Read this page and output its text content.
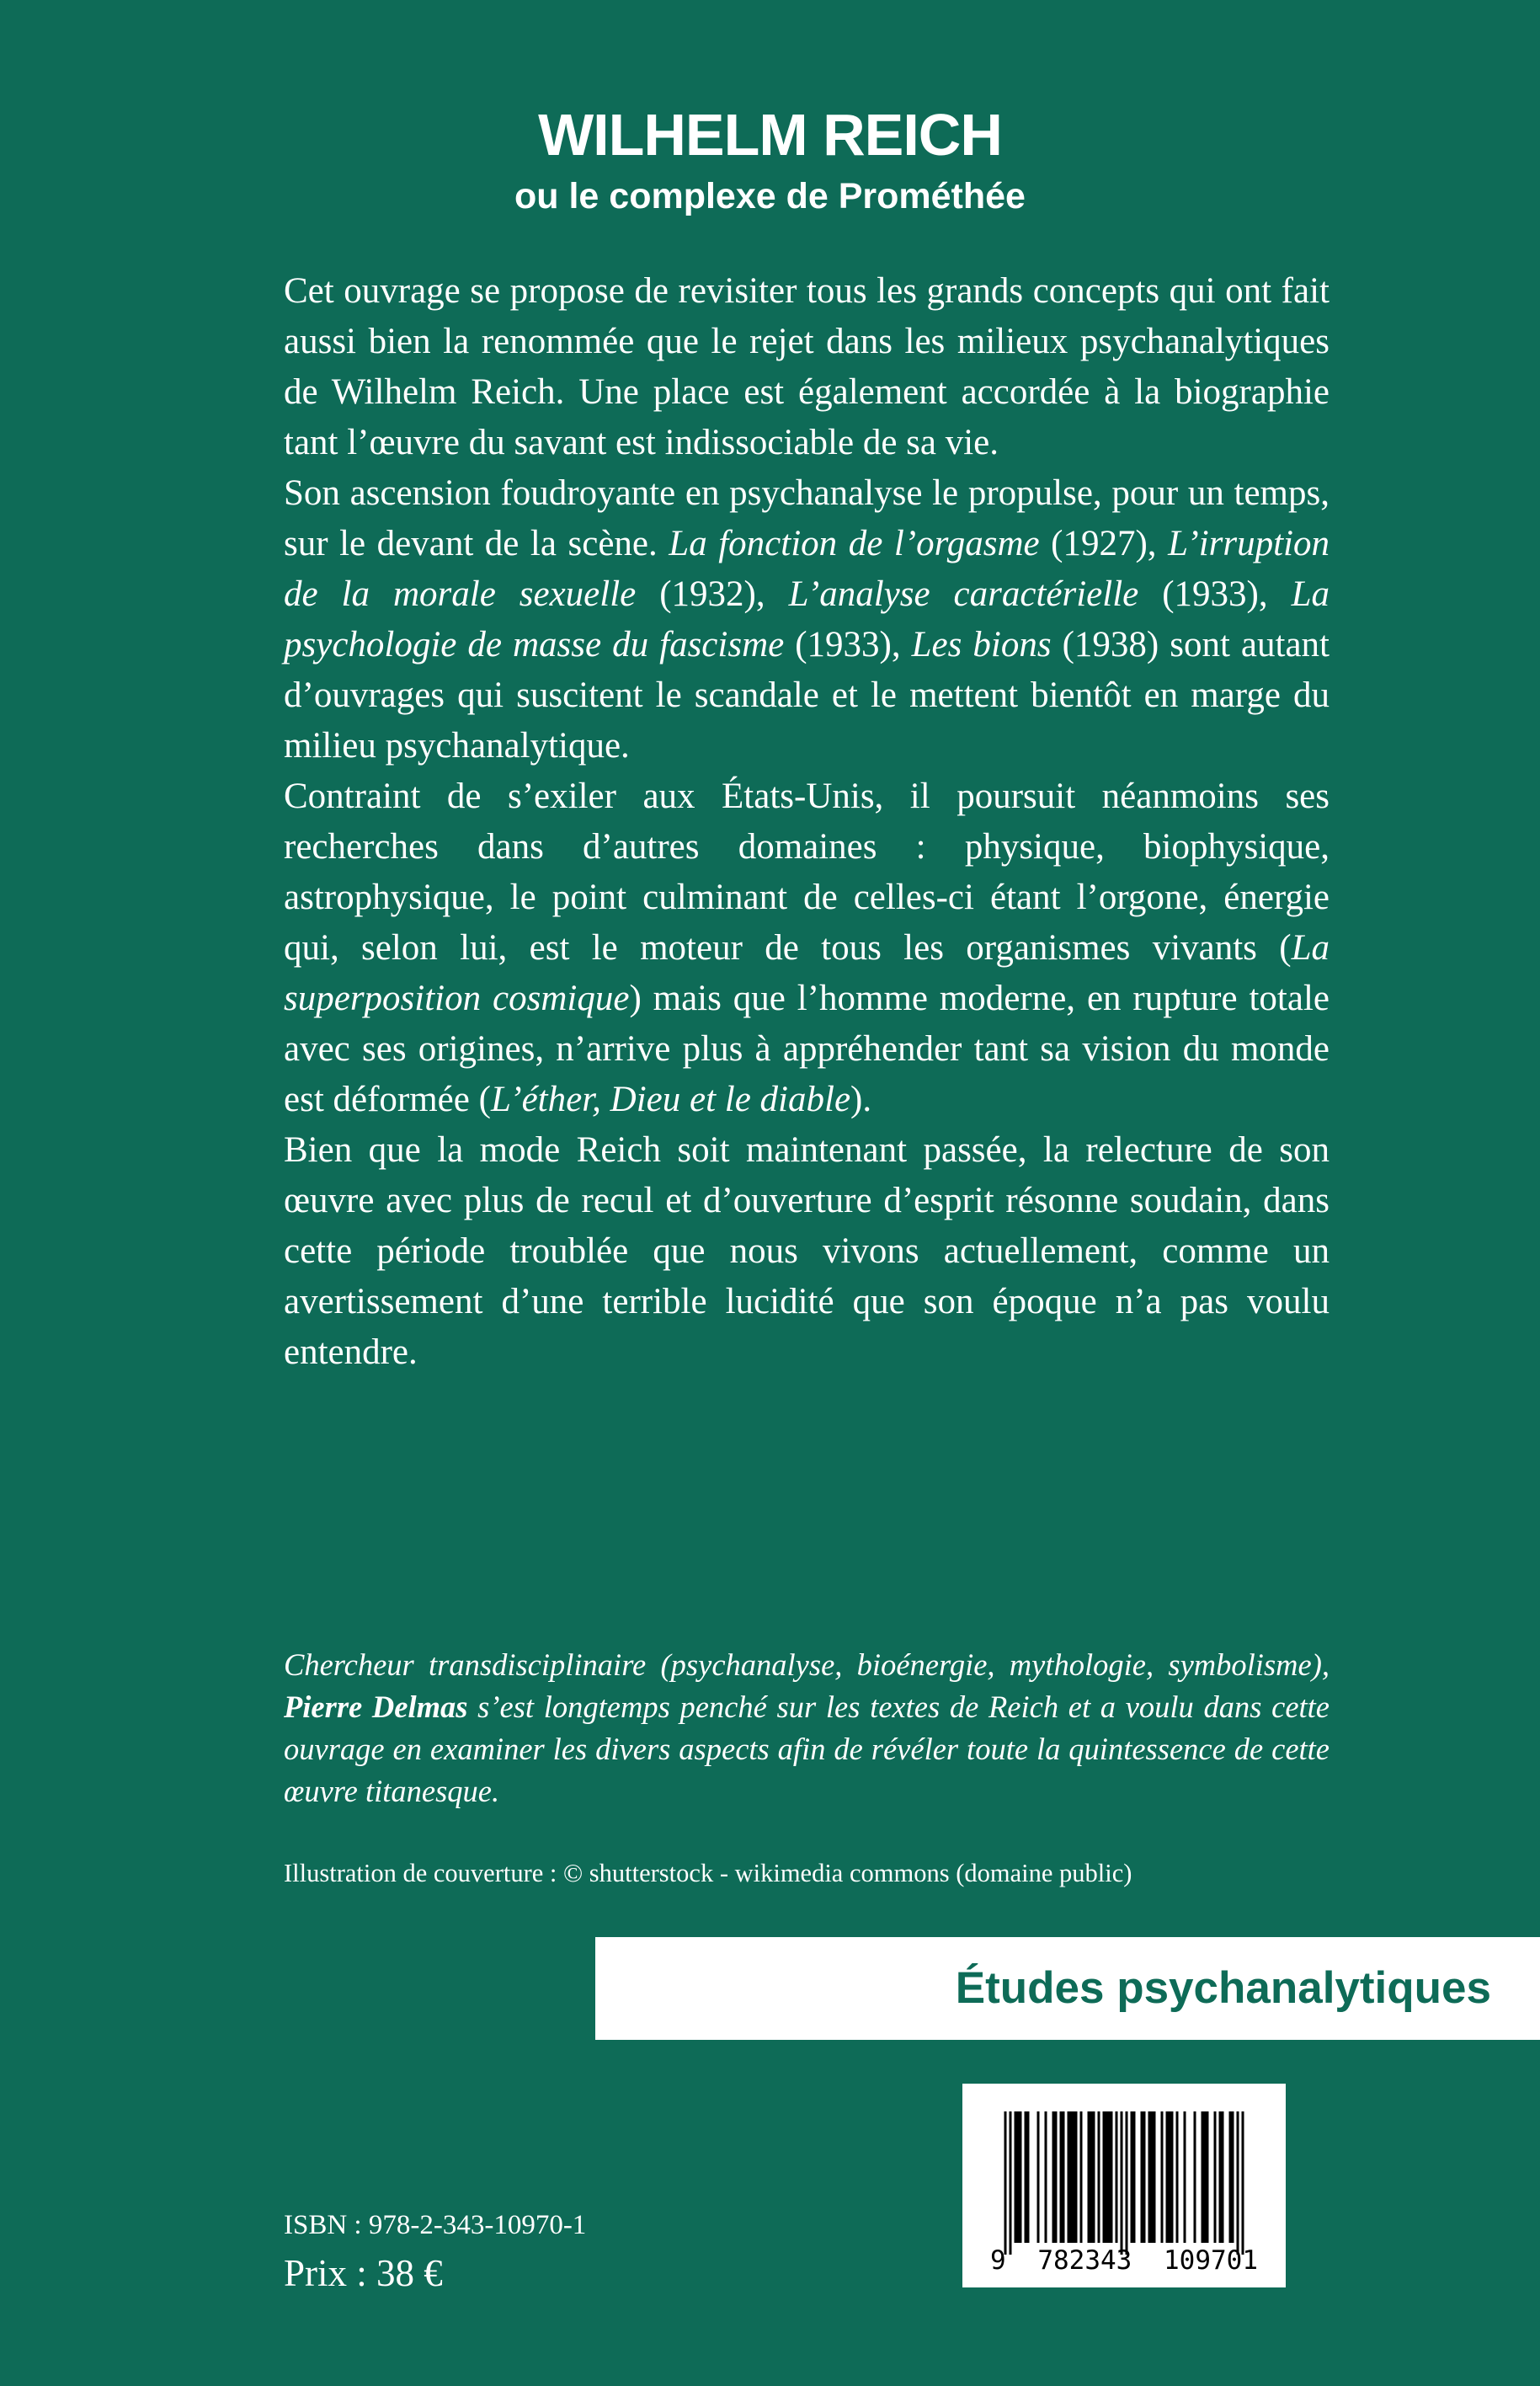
WILHELM REICH
ou le complexe de Prométhée

Cet ouvrage se propose de revisiter tous les grands concepts qui ont fait aussi bien la renommée que le rejet dans les milieux psychanalytiques de Wilhelm Reich. Une place est également accordée à la biographie tant l’œuvre du savant est indissociable de sa vie.

Son ascension foudroyante en psychanalyse le propulse, pour un temps, sur le devant de la scène. La fonction de l’orgasme (1927), L’irruption de la morale sexuelle (1932), L’analyse caractérielle (1933), La psychologie de masse du fascisme (1933), Les bions (1938) sont autant d’ouvrages qui suscitent le scandale et le mettent bientôt en marge du milieu psychanalytique.

Contraint de s’exiler aux États-Unis, il poursuit néanmoins ses recherches dans d’autres domaines : physique, biophysique, astrophysique, le point culminant de celles-ci étant l’orgone, énergie qui, selon lui, est le moteur de tous les organismes vivants (La superposition cosmique) mais que l’homme moderne, en rupture totale avec ses origines, n’arrive plus à appréhender tant sa vision du monde est déformée (L’éther, Dieu et le diable).

Bien que la mode Reich soit maintenant passée, la relecture de son œuvre avec plus de recul et d’ouverture d’esprit résonne soudain, dans cette période troublée que nous vivons actuellement, comme un avertissement d’une terrible lucidité que son époque n’a pas voulu entendre.

Chercheur transdisciplinaire (psychanalyse, bioénergie, mythologie, symbolisme), Pierre Delmas s’est longtemps penché sur les textes de Reich et a voulu dans cette ouvrage en examiner les divers aspects afin de révéler toute la quintessence de cette œuvre titanesque.

Illustration de couverture : © shutterstock - wikimedia commons (domaine public)

Études psychanalytiques

ISBN : 978-2-343-10970-1

Prix : 38 €	9 782343 109701
